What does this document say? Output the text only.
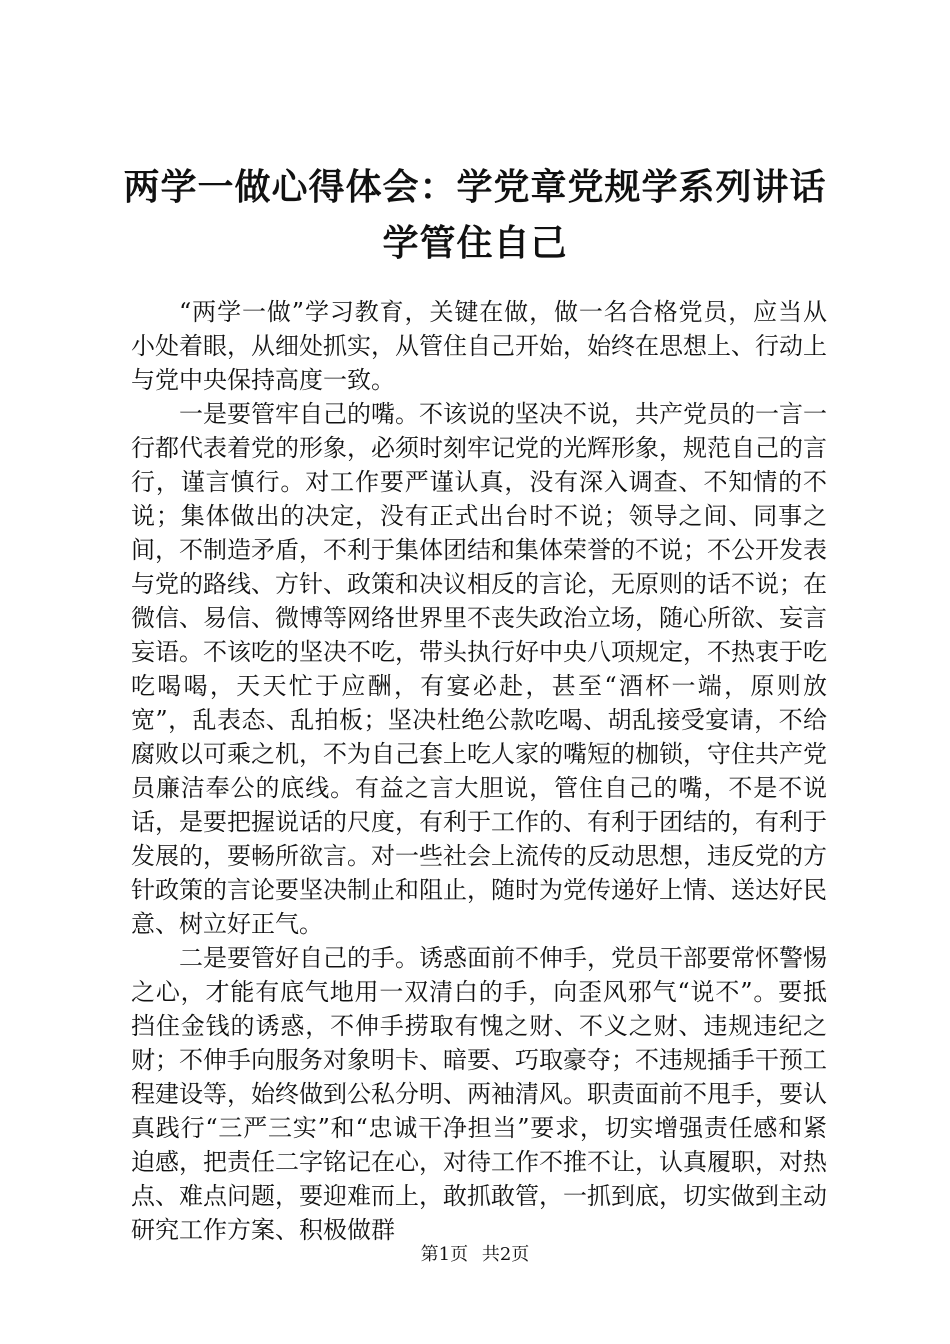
两学一做心得体会：学党章党规学系列讲话学管住自己

“两学一做”学习教育，关键在做，做一名合格党员，应当从小处着眼，从细处抓实，从管住自己开始，始终在思想上、行动上与党中央保持高度一致。

一是要管牢自己的嘴。不该说的坚决不说，共产党员的一言一行都代表着党的形象，必须时刻牢记党的光辉形象，规范自己的言行，谨言慎行。对工作要严谨认真，没有深入调查、不知情的不说；集体做出的决定，没有正式出台时不说；领导之间、同事之间，不制造矛盾，不利于集体团结和集体荣誉的不说；不公开发表与党的路线、方针、政策和决议相反的言论，无原则的话不说；在微信、易信、微博等网络世界里不丧失政治立场，随心所欲、妄言妄语。不该吃的坚决不吃，带头执行好中央八项规定，不热衷于吃吃喝喝，天天忙于应酬，有宴必赴，甚至“酒杯一端，原则放宽”，乱表态、乱拍板；坚决杜绝公款吃喝、胡乱接受宴请，不给腐败以可乘之机，不为自己套上吃人家的嘴短的枷锁，守住共产党员廉洁奉公的底线。有益之言大胆说，管住自己的嘴，不是不说话，是要把握说话的尺度，有利于工作的、有利于团结的，有利于发展的，要畅所欲言。对一些社会上流传的反动思想，违反党的方针政策的言论要坚决制止和阻止，随时为党传递好上情、送达好民意、树立好正气。

二是要管好自己的手。诱惑面前不伸手，党员干部要常怀警惕之心，才能有底气地用一双清白的手，向歪风邪气“说不”。要抵挡住金钱的诱惑，不伸手捞取有愧之财、不义之财、违规违纪之财；不伸手向服务对象明卡、暗要、巧取豪夺；不违规插手干预工程建设等，始终做到公私分明、两袖清风。职责面前不甩手，要认真践行“三严三实”和“忠诚干净担当”要求，切实增强责任感和紧迫感，把责任二字铭记在心，对待工作不推不让，认真履职，对热点、难点问题，要迎难而上，敢抓敢管，一抓到底，切实做到主动研究工作方案、积极做群

第1页 共2页
